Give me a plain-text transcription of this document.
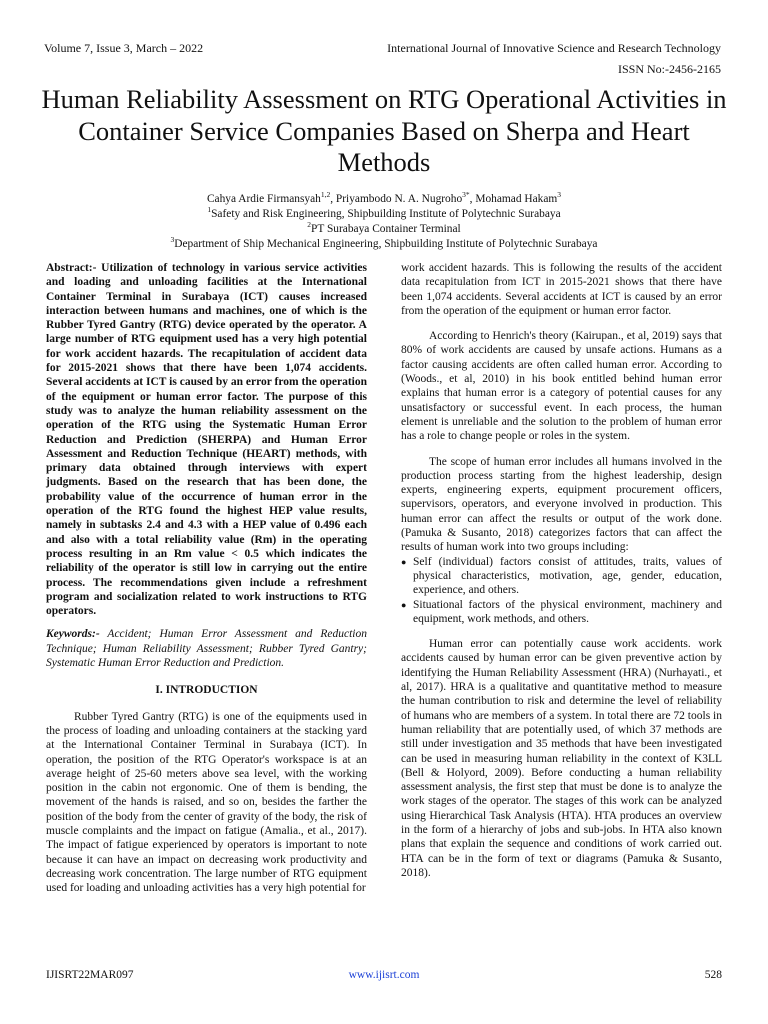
Volume 7, Issue 3, March – 2022	International Journal of Innovative Science and Research Technology
ISSN No:-2456-2165
Human Reliability Assessment on RTG Operational Activities in Container Service Companies Based on Sherpa and Heart Methods
Cahya Ardie Firmansyah$^{1,2}$, Priyambodo N. A. Nugroho$^{3*}$, Mohamad Hakam$^3$
$^1$Safety and Risk Engineering, Shipbuilding Institute of Polytechnic Surabaya
$^2$PT Surabaya Container Terminal
$^3$Department of Ship Mechanical Engineering, Shipbuilding Institute of Polytechnic Surabaya

Abstract:- Utilization of technology in various service activities and loading and unloading facilities at the International Container Terminal in Surabaya (ICT) causes increased interaction between humans and machines, one of which is the Rubber Tyred Gantry (RTG) device operated by the operator. A large number of RTG equipment used has a very high potential for work accident hazards. The recapitulation of accident data for 2015-2021 shows that there have been 1,074 accidents. Several accidents at ICT is caused by an error from the operation of the equipment or human error factor. The purpose of this study was to analyze the human reliability assessment on the operation of the RTG using the Systematic Human Error Reduction and Prediction (SHERPA) and Human Error Assessment and Reduction Technique (HEART) methods, with primary data obtained through interviews with expert judgments. Based on the research that has been done, the probability value of the occurrence of human error in the operation of the RTG found the highest HEP value results, namely in subtasks 2.4 and 4.3 with a HEP value of 0.496 each and also with a total reliability value (Rm) in the operating process resulting in an Rm value < 0.5 which indicates the reliability of the operator is still low in carrying out the entire process. The recommendations given include a refreshment program and socialization related to work instructions to RTG operators.

Keywords:- Accident; Human Error Assessment and Reduction Technique; Human Reliability Assessment; Rubber Tyred Gantry; Systematic Human Error Reduction and Prediction.

I. INTRODUCTION

Rubber Tyred Gantry (RTG) is one of the equipments used in the process of loading and unloading containers at the stacking yard at the International Container Terminal in Surabaya (ICT). In operation, the position of the RTG Operator's workspace is at an average height of 25-60 meters above sea level, with the working position in the cabin not ergonomic. One of them is bending, the movement of the hands is raised, and so on, besides the farther the position of the body from the center of gravity of the body, the risk of muscle complaints and the impact on fatigue (Amalia., et al., 2017). The impact of fatigue experienced by operators is important to note because it can have an impact on decreasing work productivity and decreasing work concentration. The large number of RTG equipment used for loading and unloading activities has a very high potential for

work accident hazards. This is following the results of the accident data recapitulation from ICT in 2015-2021 shows that there have been 1,074 accidents. Several accidents at ICT is caused by an error from the operation of the equipment or human error factor.

According to Henrich's theory (Kairupan., et al, 2019) says that 80% of work accidents are caused by unsafe actions. Humans as a factor causing accidents are often called human error. According to (Woods., et al, 2010) in his book entitled behind human error explains that human error is a category of potential causes for any unsatisfactory or successful event. In each process, the human element is unreliable and the solution to the problem of human error has a role to change people or roles in the system.

The scope of human error includes all humans involved in the production process starting from the highest leadership, design experts, engineering experts, equipment procurement officers, supervisors, operators, and everyone involved in production. This human error can affect the results or output of the work done. (Pamuka & Susanto, 2018) categorizes factors that can affect the results of human work into two groups including:

● Self (individual) factors consist of attitudes, traits, values of physical characteristics, motivation, age, gender, education, experience, and others.
● Situational factors of the physical environment, machinery and equipment, work methods, and others.

Human error can potentially cause work accidents. work accidents caused by human error can be given preventive action by identifying the Human Reliability Assessment (HRA) (Nurhayati., et al, 2017). HRA is a qualitative and quantitative method to measure the human contribution to risk and determine the level of reliability of humans who are members of a system. In total there are 72 tools in human reliability that are potentially used, of which 37 methods are still under investigation and 35 methods that have been investigated can be used in measuring human reliability in the context of K3LL (Bell & Holyord, 2009). Before conducting a human reliability assessment analysis, the first step that must be done is to analyze the work stages of the operator. The stages of this work can be analyzed using Hierarchical Task Analysis (HTA). HTA produces an overview in the form of a hierarchy of jobs and sub-jobs. In HTA also known plans that explain the sequence and conditions of work carried out. HTA can be in the form of text or diagrams (Pamuka & Susanto, 2018).

IJISRT22MAR097	www.ijisrt.com	528
